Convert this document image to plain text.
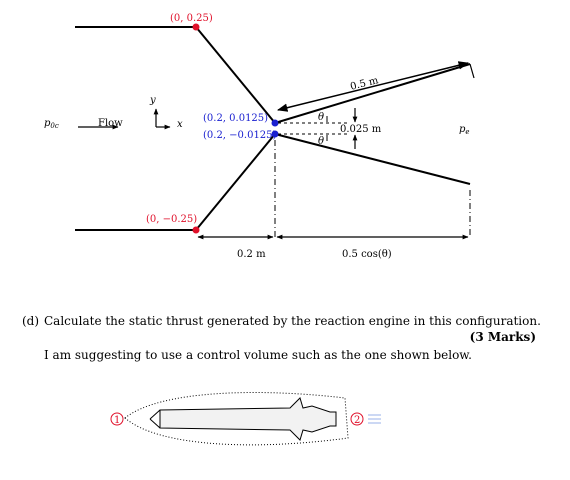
(0, 0.25)
(0, −0.25)
(0.2, 0.0125)
(0.2, −0.0125)
0.5 m
θ
θ
0.025 m
$p_{0c}$	$p_e$
Flow
y
x
0.2 m	0.5 cos(θ)
1	2
(d) Calculate the static thrust generated by the reaction engine in this configuration.
(3 Marks)
I am suggesting to use a control volume such as the one shown below.
